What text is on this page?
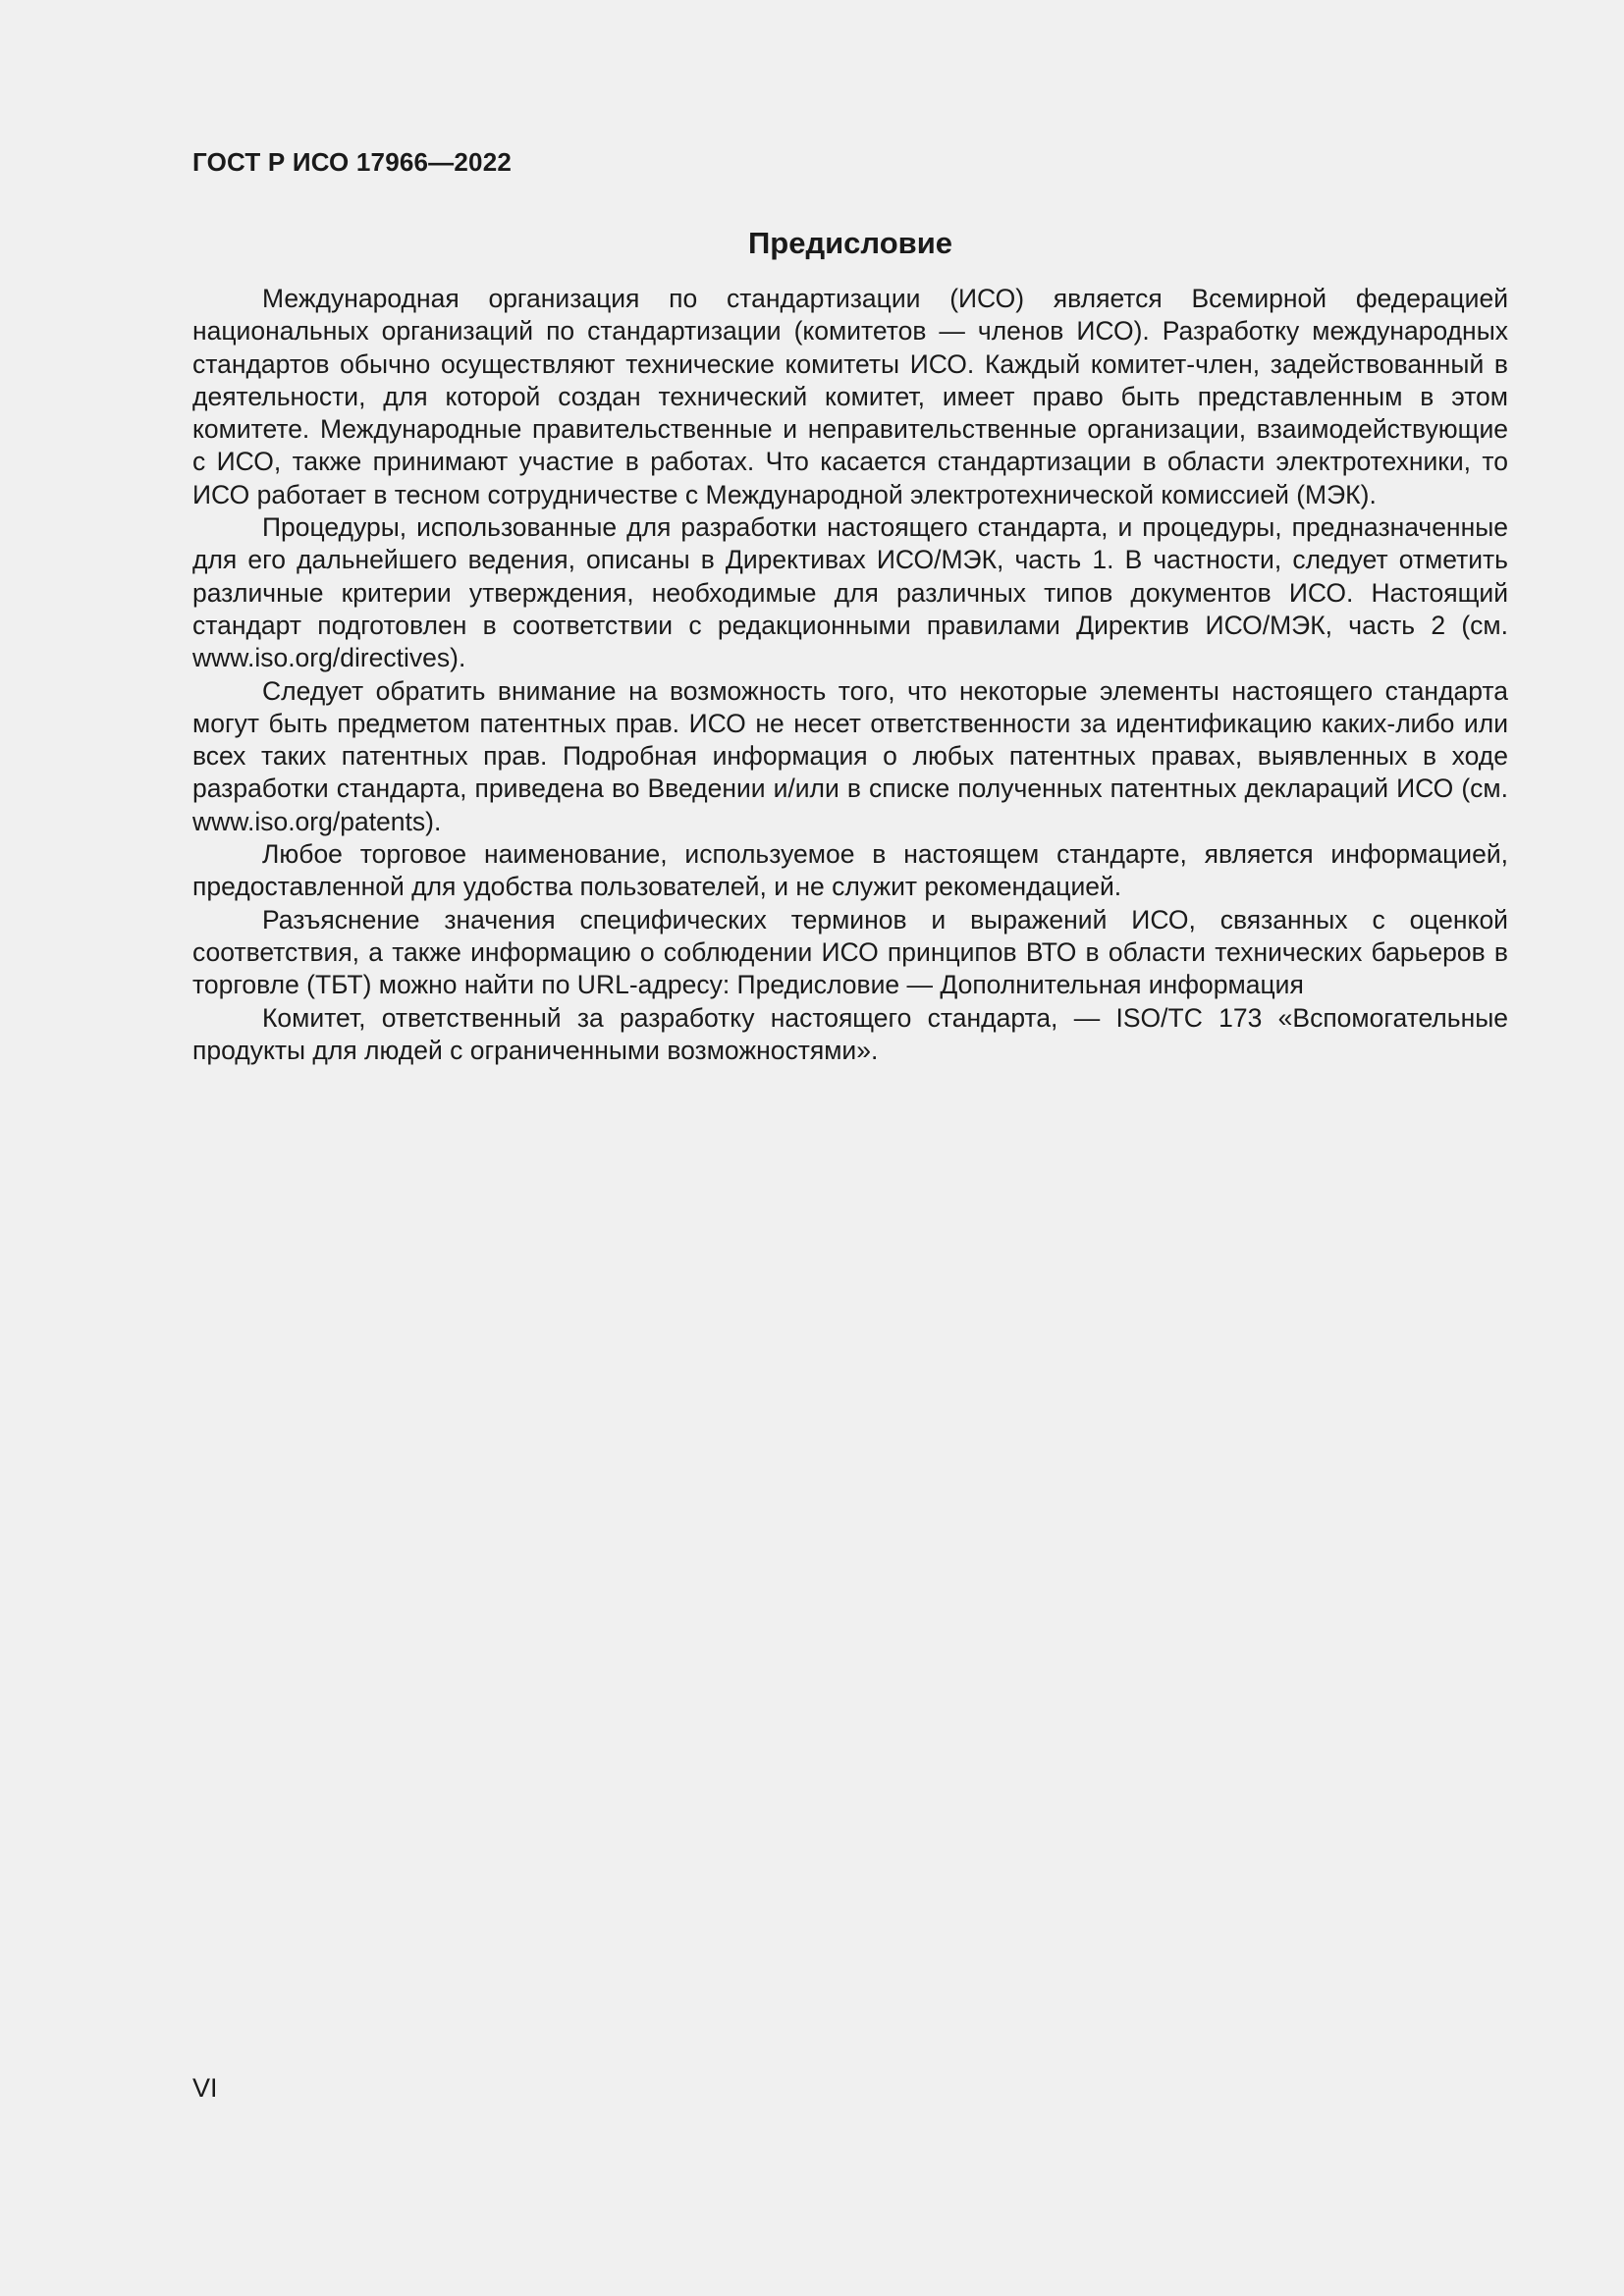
ГОСТ Р ИСО 17966—2022
Предисловие

Международная организация по стандартизации (ИСО) является Всемирной федерацией национальных организаций по стандартизации (комитетов — членов ИСО). Разработку международных стандартов обычно осуществляют технические комитеты ИСО. Каждый комитет-член, задействованный в деятельности, для которой создан технический комитет, имеет право быть представленным в этом комитете. Международные правительственные и неправительственные организации, взаимодействующие с ИСО, также принимают участие в работах. Что касается стандартизации в области электротехники, то ИСО работает в тесном сотрудничестве с Международной электротехнической комиссией (МЭК).

Процедуры, использованные для разработки настоящего стандарта, и процедуры, предназначенные для его дальнейшего ведения, описаны в Директивах ИСО/МЭК, часть 1. В частности, следует отметить различные критерии утверждения, необходимые для различных типов документов ИСО. Настоящий стандарт подготовлен в соответствии с редакционными правилами Директив ИСО/МЭК, часть 2 (см. www.iso.org/directives).

Следует обратить внимание на возможность того, что некоторые элементы настоящего стандарта могут быть предметом патентных прав. ИСО не несет ответственности за идентификацию каких-либо или всех таких патентных прав. Подробная информация о любых патентных правах, выявленных в ходе разработки стандарта, приведена во Введении и/или в списке полученных патентных деклараций ИСО (см. www.iso.org/patents).

Любое торговое наименование, используемое в настоящем стандарте, является информацией, предоставленной для удобства пользователей, и не служит рекомендацией.

Разъяснение значения специфических терминов и выражений ИСО, связанных с оценкой соответствия, а также информацию о соблюдении ИСО принципов ВТО в области технических барьеров в торговле (ТБТ) можно найти по URL-адресу: Предисловие — Дополнительная информация

Комитет, ответственный за разработку настоящего стандарта, — ISO/TC 173 «Вспомогательные продукты для людей с ограниченными возможностями».

VI
